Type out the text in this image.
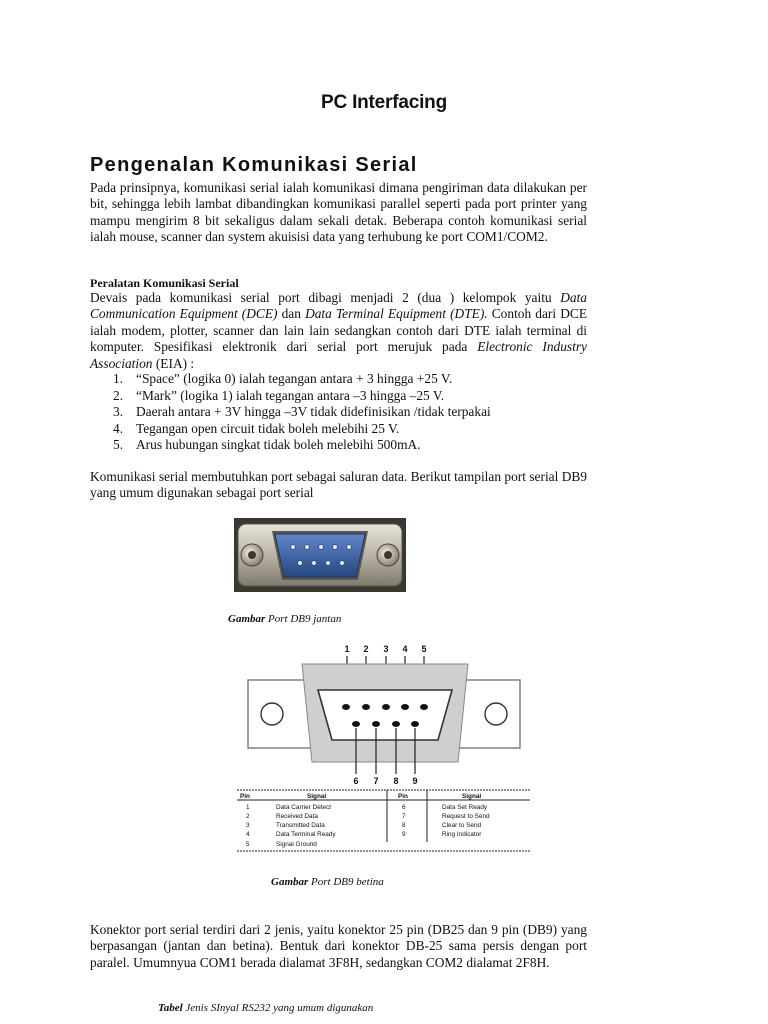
PC Interfacing
Pengenalan Komunikasi Serial

Pada prinsipnya, komunikasi serial ialah komunikasi dimana pengiriman data dilakukan per bit, sehingga lebih lambat dibandingkan komunikasi parallel seperti pada port printer yang mampu mengirim 8 bit sekaligus dalam sekali detak. Beberapa contoh komunikasi serial ialah mouse, scanner dan system akuisisi data yang terhubung ke port COM1/COM2.

Peralatan Komunikasi Serial

Devais pada komunikasi serial port dibagi menjadi 2 (dua ) kelompok yaitu Data Communication Equipment (DCE) dan Data Terminal Equipment (DTE). Contoh dari DCE ialah modem, plotter, scanner dan lain lain sedangkan contoh dari DTE ialah terminal di komputer. Spesifikasi elektronik dari serial port merujuk pada Electronic Industry Association (EIA) :

1. “Space” (logika 0) ialah tegangan antara + 3 hingga +25 V.
2. “Mark” (logika 1) ialah tegangan antara –3 hingga –25 V.
3. Daerah antara + 3V hingga –3V tidak didefinisikan /tidak terpakai
4. Tegangan open circuit tidak boleh melebihi 25 V.
5. Arus hubungan singkat tidak boleh melebihi 500mA.

Komunikasi serial membutuhkan port sebagai saluran data. Berikut tampilan port serial DB9 yang umum digunakan sebagai port serial

Gambar Port DB9 jantan

1 2 3 4 5
6 7 8 9
Pin	Signal	Pin	Signal
1	Data Carrier Detect	6	Data Set Ready
2	Received Data	7	Request to Send
3	Transmitted Data	8	Clear to Send
4	Data Terminal Ready	9	Ring Indicator
5	Signal Ground

Gambar Port DB9 betina

Konektor port serial terdiri dari 2 jenis, yaitu konektor 25 pin (DB25 dan 9 pin (DB9) yang berpasangan (jantan dan betina). Bentuk dari konektor DB-25 sama persis dengan port paralel. Umumnyua COM1 berada dialamat 3F8H, sedangkan COM2 dialamat 2F8H.

Tabel Jenis SInyal RS232 yang umum digunakan
